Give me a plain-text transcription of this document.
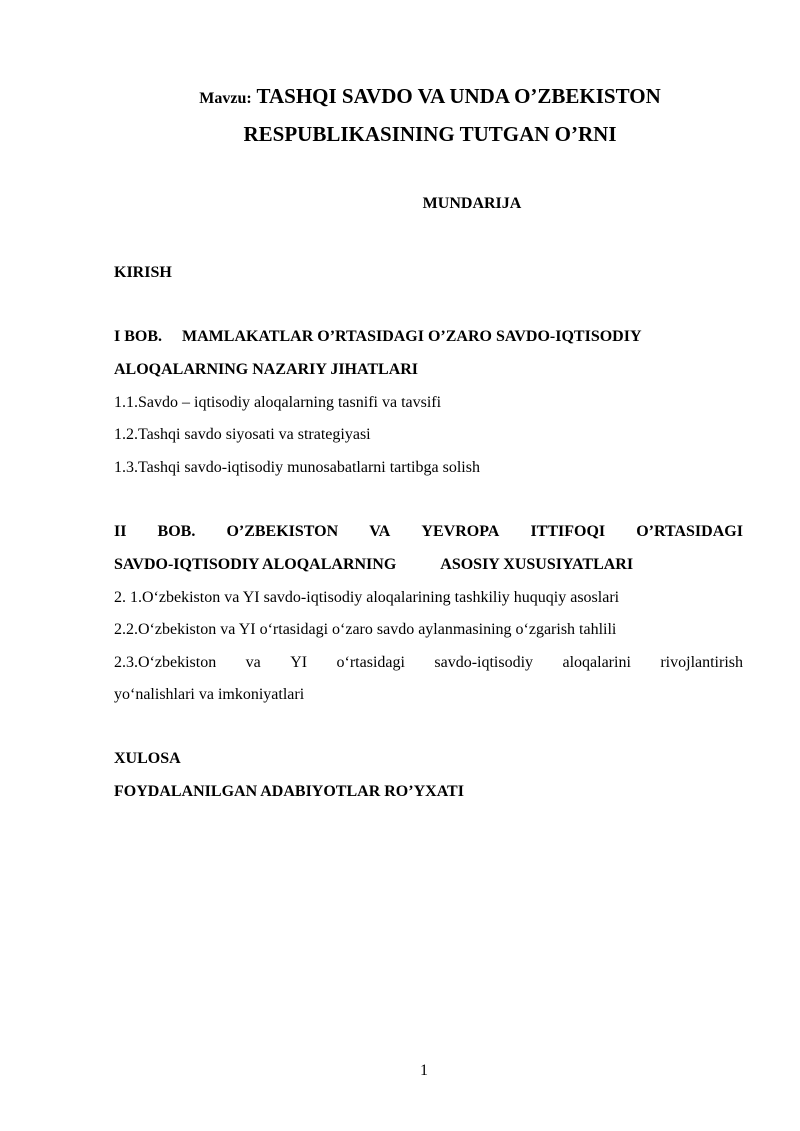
Mavzu: TASHQI SAVDO VA UNDA O’ZBEKISTON
RESPUBLIKASINING TUTGAN O’RNI
MUNDARIJA
KIRISH
I BOB. MAMLAKATLAR O’RTASIDAGI O’ZARO SAVDO-IQTISODIY
ALOQALARNING NAZARIY JIHATLARI
1.1.Savdo – iqtisodiy aloqalarning tasnifi va tavsifi
1.2.Tashqi savdo siyosati va strategiyasi
1.3.Tashqi savdo-iqtisodiy munosabatlarni tartibga solish
II BOB. O’ZBEKISTON VA YEVROPA ITTIFOQI O’RTASIDAGI
SAVDO-IQTISODIY ALOQALARNING	ASOSIY XUSUSIYATLARI
2. 1.O‘zbekiston va YI savdo-iqtisodiy aloqalarining tashkiliy huquqiy asoslari
2.2.O‘zbekiston va YI o‘rtasidagi o‘zaro savdo aylanmasining o‘zgarish tahlili
2.3.O‘zbekiston va YI o‘rtasidagi savdo-iqtisodiy aloqalarini rivojlantirish
yo‘nalishlari va imkoniyatlari
XULOSA
FOYDALANILGAN ADABIYOTLAR RO’YXATI
1
